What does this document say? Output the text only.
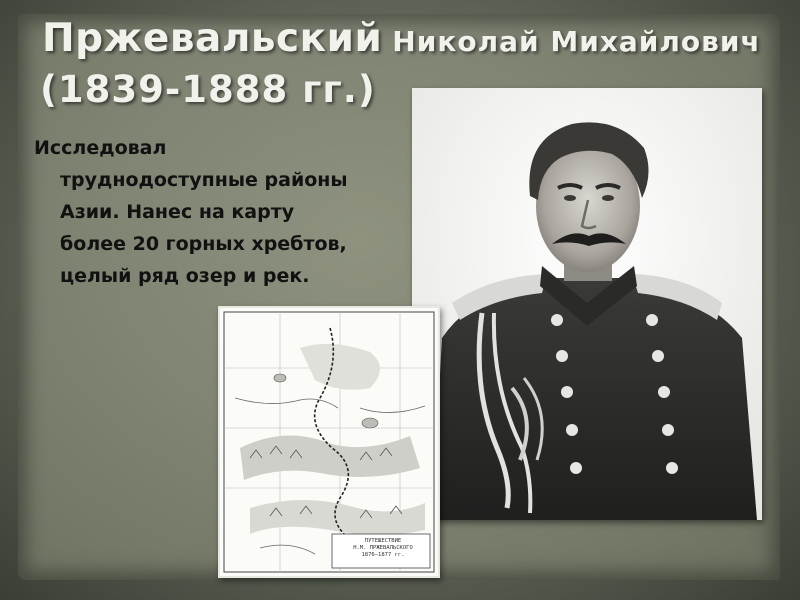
Пржевальский Николай Михайлович
(1839-1888 гг.)
Исследовал
труднодоступные районы
Азии. Нанес на карту
более 20 горных хребтов,
целый ряд озер и рек.
ПУТЕШЕСТВИЕ
Н.М. ПРЖЕВАЛЬСКОГО
1876—1877 гг.
